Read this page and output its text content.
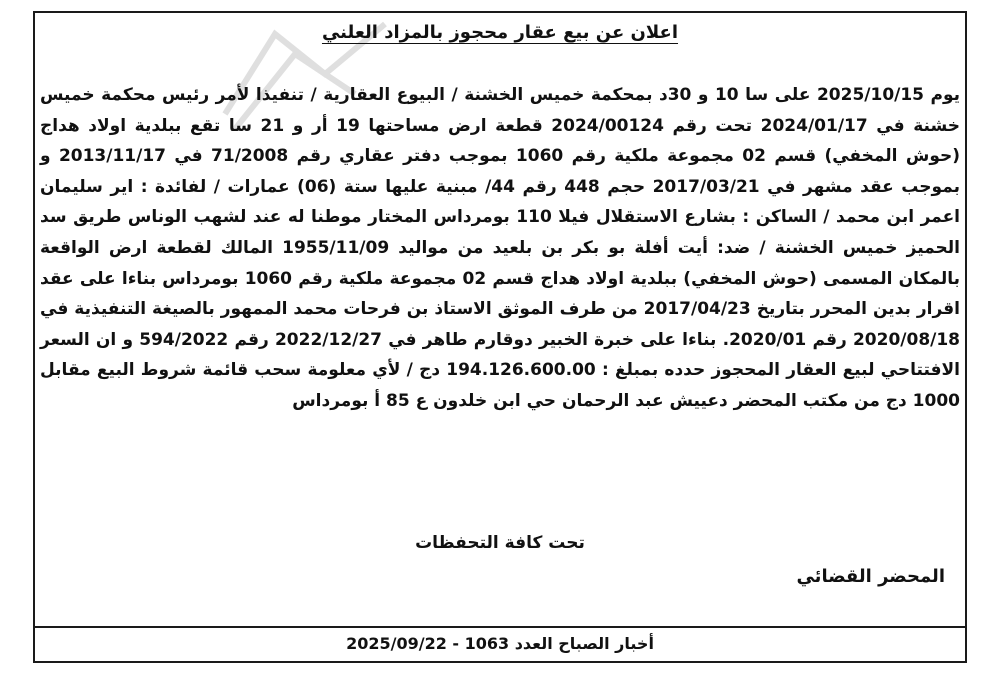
اعلان عن بيع عقار محجوز بالمزاد العلني
يوم 2025/10/15 على سا 10 و 30د بمحكمة خميس الخشنة / البيوع العقارية / تنفيذا لأمر رئيس محكمة خميس خشنة في 2024/01/17 تحت رقم 2024/00124 قطعة ارض مساحتها 19 أر و 21 سا تقع ببلدية اولاد هداج (حوش المخفي) قسم 02 مجموعة ملكية رقم 1060 بموجب دفتر عقاري رقم 71/2008 في 2013/11/17 و بموجب عقد مشهر في 2017/03/21 حجم 448 رقم 44/ مبنية عليها ستة (06) عمارات / لفائدة : اير سليمان اعمر ابن محمد / الساكن : بشارع الاستقلال فيلا 110 بومرداس المختار موطنا له عند لشهب الوناس طريق سد الحميز خميس الخشنة / ضد: أيت أفلة بو بكر بن بلعيد من مواليد 1955/11/09 المالك لقطعة ارض الواقعة بالمكان المسمى (حوش المخفي) ببلدية اولاد هداج قسم 02 مجموعة ملكية رقم 1060 بومرداس بناءا على عقد اقرار بدين المحرر بتاريخ 2017/04/23 من طرف الموثق الاستاذ بن فرحات محمد الممهور بالصيغة التنفيذية في 2020/08/18 رقم 2020/01. بناءا على خبرة الخبير دوقارم طاهر في 2022/12/27 رقم 594/2022 و ان السعر الافتتاحي لبيع العقار المحجوز حدده بمبلغ : 194.126.600.00 دج / لأي معلومة سحب قائمة شروط البيع مقابل 1000 دج من مكتب المحضر دعييش عبد الرحمان حي ابن خلدون ع 85 أ بومرداس
تحت كافة التحفظات
المحضر القضائي
أخبار الصباح العدد 1063 - 2025/09/22
